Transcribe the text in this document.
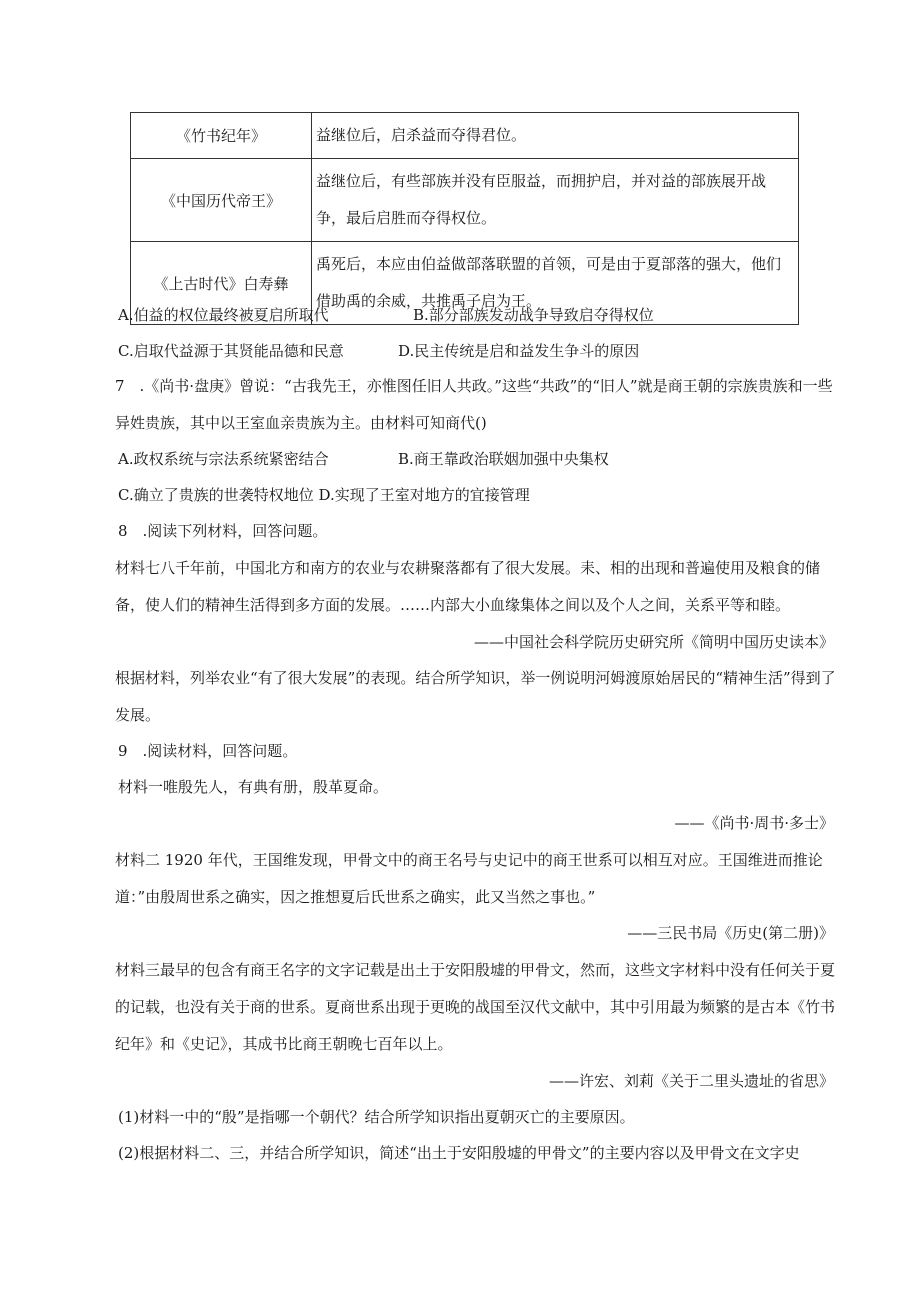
《竹书纪年》	益继位后，启杀益而夺得君位。
《中国历代帝王》	益继位后，有些部族并没有臣服益，而拥护启，并对益的部族展开战争，最后启胜而夺得权位。
《上古时代》白寿彝	禹死后，本应由伯益做部落联盟的首领，可是由于夏部落的强大，他们借助禹的余威，共推禹子启为王。
A.伯益的权位最终被夏启所取代	B.部分部族发动战争导致启夺得权位
C.启取代益源于其贤能品德和民意	D.民主传统是启和益发生争斗的原因
7　.《尚书·盘庚》曾说：“古我先王，亦惟图任旧人共政。”这些“共政”的“旧人”就是商王朝的宗族贵族和一些异姓贵族，其中以王室血亲贵族为主。由材料可知商代()
A.政权系统与宗法系统紧密结合	B.商王靠政治联姻加强中央集权
C.确立了贵族的世袭特权地位 D.实现了王室对地方的宜接管理
8　.阅读下列材料，回答问题。
材料七八千年前，中国北方和南方的农业与农耕聚落都有了很大发展。耒、相的出现和普遍使用及粮食的储备，使人们的精神生活得到多方面的发展。……内部大小血缘集体之间以及个人之间，关系平等和睦。
——中国社会科学院历史研究所《简明中国历史读本》
根据材料，列举农业“有了很大发展”的表现。结合所学知识，举一例说明河姆渡原始居民的“精神生活”得到了发展。
9　.阅读材料，回答问题。
材料一唯殷先人，有典有册，殷革夏命。
——《尚书·周书·多士》
材料二 1920 年代，王国维发现，甲骨文中的商王名号与史记中的商王世系可以相互对应。王国维进而推论道：”由殷周世系之确实，因之推想夏后氏世系之确实，此又当然之事也。”
——三民书局《历史(第二册)》
材料三最早的包含有商王名字的文字记载是出土于安阳殷墟的甲骨文，然而，这些文字材料中没有任何关于夏的记载，也没有关于商的世系。夏商世系出现于更晚的战国至汉代文献中，其中引用最为频繁的是古本《竹书纪年》和《史记》，其成书比商王朝晚七百年以上。
——许宏、刘莉《关于二里头遗址的省思》
(1)材料一中的“殷”是指哪一个朝代？结合所学知识指出夏朝灭亡的主要原因。
(2)根据材料二、三，并结合所学知识，简述“出土于安阳殷墟的甲骨文”的主要内容以及甲骨文在文字史
